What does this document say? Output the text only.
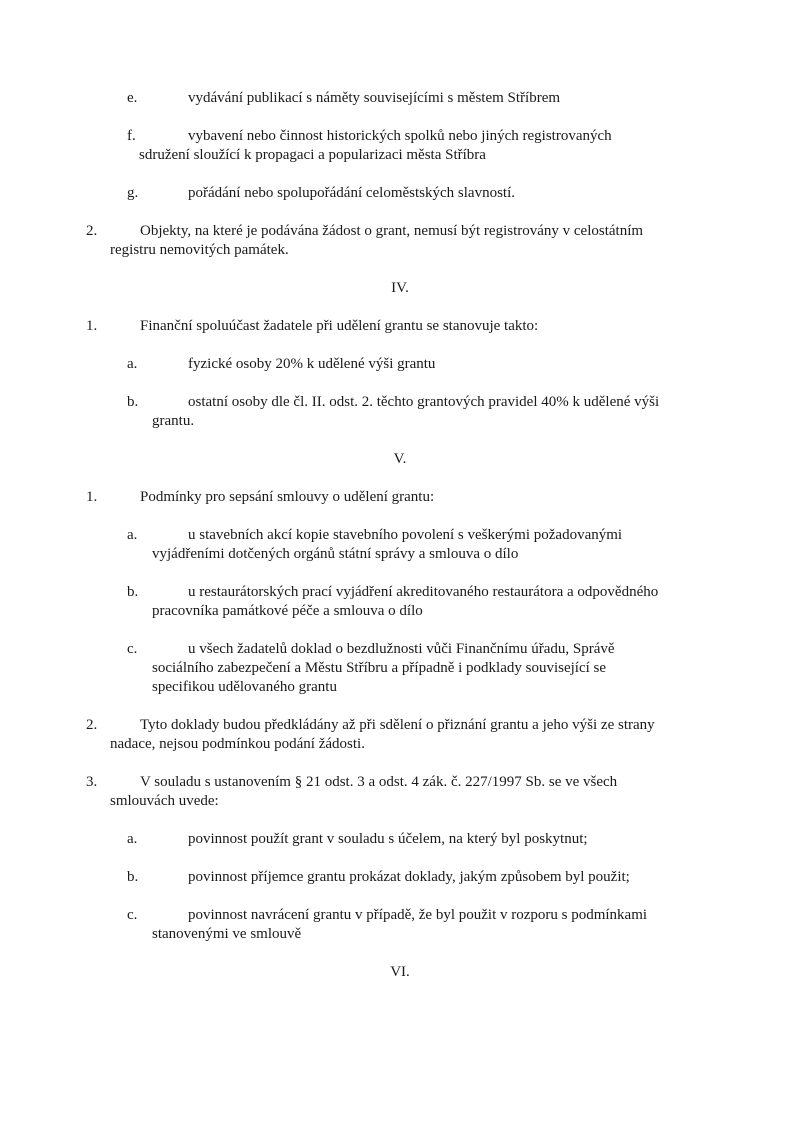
e.	vydávání publikací s náměty souvisejícími s městem Stříbrem
f.	vybavení nebo činnost historických spolků nebo jiných registrovaných
sdružení sloužící k propagaci a popularizaci města Stříbra
g.	pořádání nebo spolupořádání celoměstských slavností.
2.	Objekty, na které je podávána žádost o grant, nemusí být registrovány v celostátním
registru nemovitých památek.
IV.
1.	Finanční spoluúčast žadatele při udělení grantu se stanovuje takto:
a.	fyzické osoby 20% k udělené výši grantu
b.	ostatní osoby dle čl. II. odst. 2. těchto grantových pravidel 40% k udělené výši
grantu.
V.
1.	Podmínky pro sepsání smlouvy o udělení grantu:
a.	u stavebních akcí kopie stavebního povolení s veškerými požadovanými
vyjádřeními dotčených orgánů státní správy a smlouva o dílo
b.	u restaurátorských prací vyjádření akreditovaného restaurátora a odpovědného
pracovníka památkové péče a smlouva o dílo
c.	u všech žadatelů doklad o bezdlužnosti vůči Finančnímu úřadu, Správě
sociálního zabezpečení a Městu Stříbru a případně i podklady související se
specifikou udělovaného grantu
2.	Tyto doklady budou předkládány až při sdělení o přiznání grantu a jeho výši ze strany
nadace, nejsou podmínkou podání žádosti.
3.	V souladu s ustanovením § 21 odst. 3 a odst. 4 zák. č. 227/1997 Sb. se ve všech
smlouvách uvede:
a.	povinnost použít grant v souladu s účelem, na který byl poskytnut;
b.	povinnost příjemce grantu prokázat doklady, jakým způsobem byl použit;
c.	povinnost navrácení grantu v případě, že byl použit v rozporu s podmínkami
stanovenými ve smlouvě
VI.
